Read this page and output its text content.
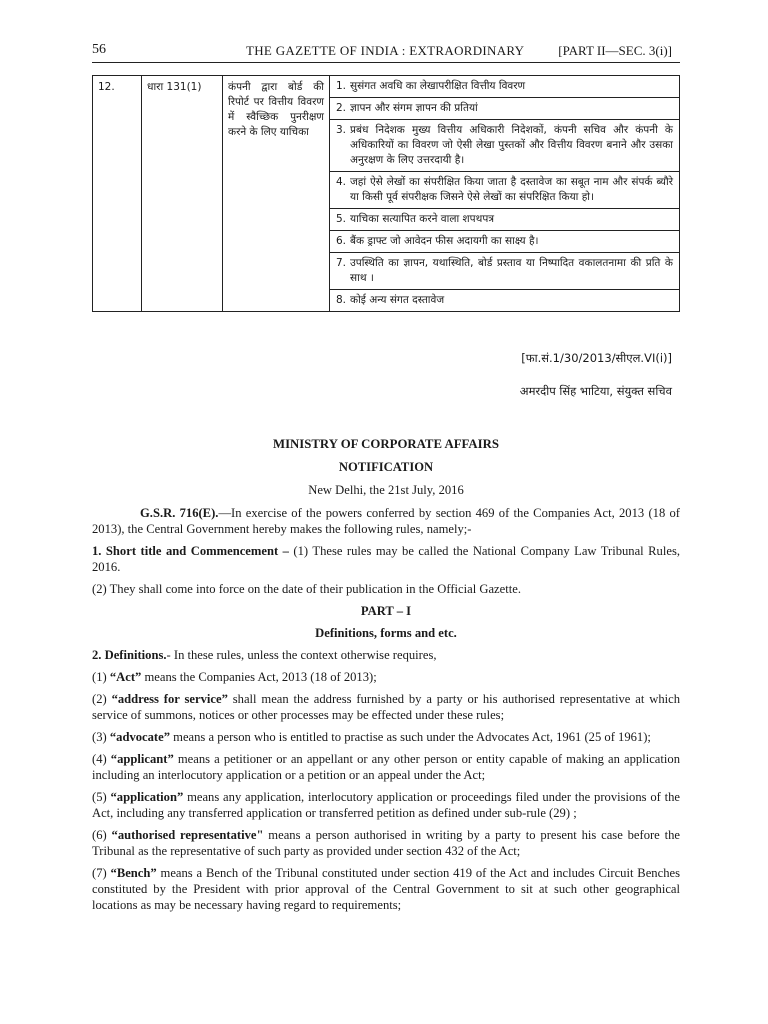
56	THE GAZETTE OF INDIA : EXTRAORDINARY	[PART II—SEC. 3(i)]
12.	धारा 131(1)	कंपनी द्वारा बोर्ड की रिपोर्ट पर वित्तीय विवरण में स्वैच्छिक पुनरीक्षण करने के लिए याचिका	
1. सुसंगत अवधि का लेखापरीक्षित वित्तीय विवरण
2. ज्ञापन और संगम ज्ञापन की प्रतियां
3. प्रबंध निदेशक मुख्य वित्तीय अधिकारी निदेशकों, कंपनी सचिव और कंपनी के अधिकारियों का विवरण जो ऐसी लेखा पुस्तकों और वित्तीय विवरण बनाने और उसका अनुरक्षण के लिए उत्तरदायी है।
4. जहां ऐसे लेखों का संपरीक्षित किया जाता है दस्तावेज का सबूत नाम और संपर्क ब्यौरे या किसी पूर्व संपरीक्षक जिसने ऐसे लेखों का संपरिक्षित किया हो।
5. याचिका सत्यापित करने वाला शपथपत्र
6. बैंक ड्राफ्ट जो आवेदन फीस अदायगी का साक्ष्य है।
7. उपस्थिति का ज्ञापन, यथास्थिति, बोर्ड प्रस्ताव या निष्पादित वकालतनामा की प्रति के साथ ।
8. कोई अन्य संगत दस्तावेज
[फा.सं.1/30/2013/सीएल.VI(i)]
अमरदीप सिंह भाटिया, संयुक्त सचिव
MINISTRY OF CORPORATE AFFAIRS
NOTIFICATION
New Delhi, the 21st July, 2016

G.S.R. 716(E).—In exercise of the powers conferred by section 469 of the Companies Act, 2013 (18 of 2013), the Central Government hereby makes the following rules, namely;-

1. Short title and Commencement – (1) These rules may be called the National Company Law Tribunal Rules, 2016.

(2) They shall come into force on the date of their publication in the Official Gazette.

PART – I
Definitions, forms and etc.

2. Definitions.- In these rules, unless the context otherwise requires,

(1) “Act” means the Companies Act, 2013 (18 of 2013);

(2) “address for service” shall mean the address furnished by a party or his authorised representative at which service of summons, notices or other processes may be effected under these rules;

(3) “advocate” means a person who is entitled to practise as such under the Advocates Act, 1961 (25 of 1961);

(4) “applicant” means a petitioner or an appellant or any other person or entity capable of making an application including an interlocutory application or a petition or an appeal under the Act;

(5) “application” means any application, interlocutory application or proceedings filed under the provisions of the Act, including any transferred application or transferred petition as defined under sub-rule (29) ;

(6) “authorised representative" means a person authorised in writing by a party to present his case before the Tribunal as the representative of such party as provided under section 432 of the Act;

(7) “Bench” means a Bench of the Tribunal constituted under section 419 of the Act and includes Circuit Benches constituted by the President with prior approval of the Central Government to sit at such other geographical locations as may be necessary having regard to requirements;
